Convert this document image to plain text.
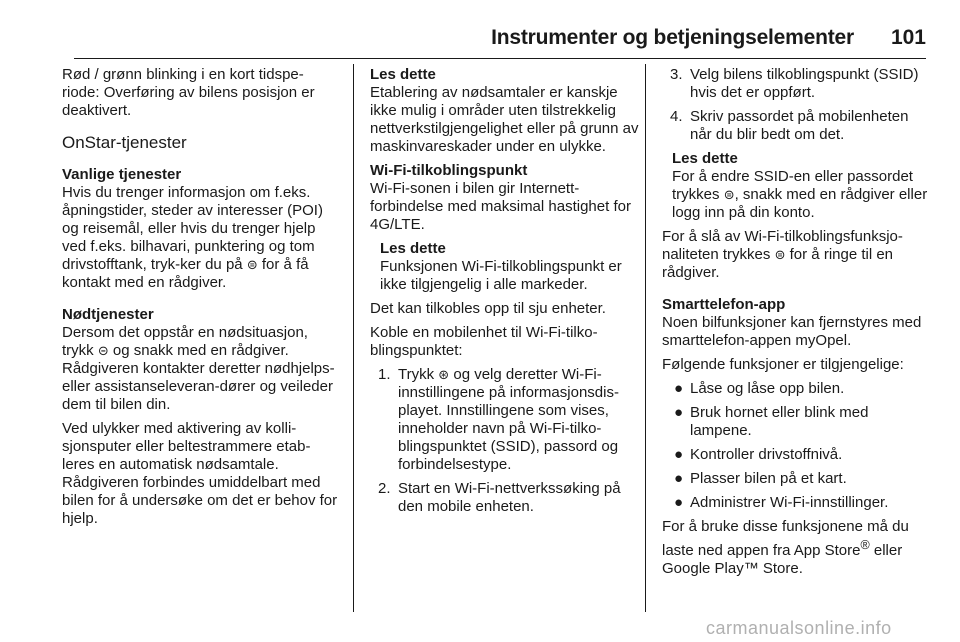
Instrumenter og betjeningselementer 101

Rød / grønn blinking i en kort tidspe-riode: Overføring av bilens posisjon er deaktivert.

OnStar-tjenester

Vanlige tjenester
Hvis du trenger informasjon om f.eks. åpningstider, steder av interesser (POI) og reisemål, eller hvis du trenger hjelp ved f.eks. bilhavari, punktering og tom drivstofftank, tryk-ker du på ⊜ for å få kontakt med en rådgiver.

Nødtjenester
Dersom det oppstår en nødsituasjon, trykk ⊝ og snakk med en rådgiver. Rådgiveren kontakter deretter nødhjelps- eller assistanseleveran-dører og veileder dem til bilen din.

Ved ulykker med aktivering av kolli-sjonsputer eller beltestrammere etab-leres en automatisk nødsamtale. Rådgiveren forbindes umiddelbart med bilen for å undersøke om det er behov for hjelp.

Les dette
Etablering av nødsamtaler er kanskje ikke mulig i områder uten tilstrekkelig nettverkstilgjengelighet eller på grunn av maskinvareskader under en ulykke.

Wi-Fi-tilkoblingspunkt
Wi-Fi-sonen i bilen gir Internett-forbindelse med maksimal hastighet for 4G/LTE.

Les dette
Funksjonen Wi-Fi-tilkoblingspunkt er ikke tilgjengelig i alle markeder.

Det kan tilkobles opp til sju enheter.

Koble en mobilenhet til Wi-Fi-tilko-blingspunktet:

1. Trykk ⊛ og velg deretter Wi-Fi-innstillingene på informasjonsdis-playet. Innstillingene som vises, inneholder navn på Wi-Fi-tilko-blingspunktet (SSID), passord og forbindelsestype.
2. Start en Wi-Fi-nettverkssøking på den mobile enheten.
3. Velg bilens tilkoblingspunkt (SSID) hvis det er oppført.
4. Skriv passordet på mobilenheten når du blir bedt om det.
Les dette
For å endre SSID-en eller passordet trykkes ⊜, snakk med en rådgiver eller logg inn på din konto.

For å slå av Wi-Fi-tilkoblingsfunksjo-naliteten trykkes ⊜ for å ringe til en rådgiver.

Smarttelefon-app
Noen bilfunksjoner kan fjernstyres med smarttelefon-appen myOpel.

Følgende funksjoner er tilgjengelige:

● Låse og låse opp bilen.
● Bruk hornet eller blink med lampene.
● Kontroller drivstoffnivå.
● Plasser bilen på et kart.
● Administrer Wi-Fi-innstillinger.

For å bruke disse funksjonene må du laste ned appen fra App Store® eller Google Play™ Store.

carmanualsonline.info
